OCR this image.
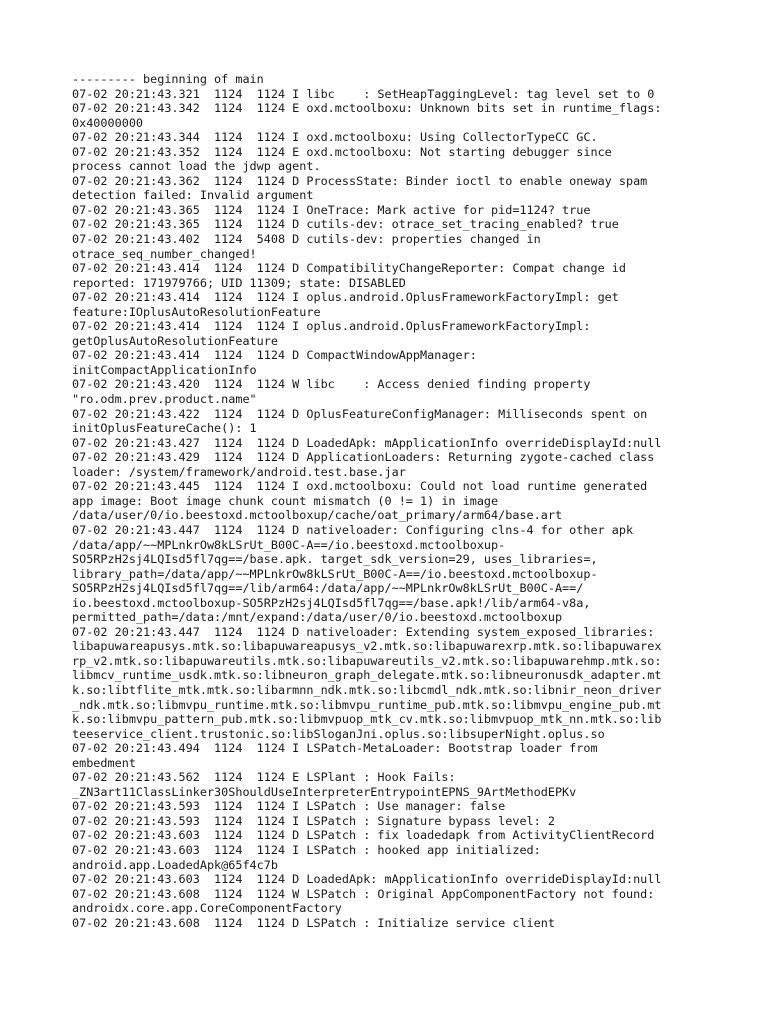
--------- beginning of main
07-02 20:21:43.321  1124  1124 I libc    : SetHeapTaggingLevel: tag level set to 0
07-02 20:21:43.342  1124  1124 E oxd.mctoolboxu: Unknown bits set in runtime_flags:
0x40000000
07-02 20:21:43.344  1124  1124 I oxd.mctoolboxu: Using CollectorTypeCC GC.
07-02 20:21:43.352  1124  1124 E oxd.mctoolboxu: Not starting debugger since
process cannot load the jdwp agent.
07-02 20:21:43.362  1124  1124 D ProcessState: Binder ioctl to enable oneway spam
detection failed: Invalid argument
07-02 20:21:43.365  1124  1124 I OneTrace: Mark active for pid=1124? true
07-02 20:21:43.365  1124  1124 D cutils-dev: otrace_set_tracing_enabled? true
07-02 20:21:43.402  1124  5408 D cutils-dev: properties changed in
otrace_seq_number_changed!
07-02 20:21:43.414  1124  1124 D CompatibilityChangeReporter: Compat change id
reported: 171979766; UID 11309; state: DISABLED
07-02 20:21:43.414  1124  1124 I oplus.android.OplusFrameworkFactoryImpl: get
feature:IOplusAutoResolutionFeature
07-02 20:21:43.414  1124  1124 I oplus.android.OplusFrameworkFactoryImpl:
getOplusAutoResolutionFeature
07-02 20:21:43.414  1124  1124 D CompactWindowAppManager:
initCompactApplicationInfo
07-02 20:21:43.420  1124  1124 W libc    : Access denied finding property
"ro.odm.prev.product.name"
07-02 20:21:43.422  1124  1124 D OplusFeatureConfigManager: Milliseconds spent on
initOplusFeatureCache(): 1
07-02 20:21:43.427  1124  1124 D LoadedApk: mApplicationInfo overrideDisplayId:null
07-02 20:21:43.429  1124  1124 D ApplicationLoaders: Returning zygote-cached class
loader: /system/framework/android.test.base.jar
07-02 20:21:43.445  1124  1124 I oxd.mctoolboxu: Could not load runtime generated
app image: Boot image chunk count mismatch (0 != 1) in image
/data/user/0/io.beestoxd.mctoolboxup/cache/oat_primary/arm64/base.art
07-02 20:21:43.447  1124  1124 D nativeloader: Configuring clns-4 for other apk
/data/app/~~MPLnkrOw8kLSrUt_B00C-A==/io.beestoxd.mctoolboxup-
SO5RPzH2sj4LQIsd5fl7qg==/base.apk. target_sdk_version=29, uses_libraries=,
library_path=/data/app/~~MPLnkrOw8kLSrUt_B00C-A==/io.beestoxd.mctoolboxup-
SO5RPzH2sj4LQIsd5fl7qg==/lib/arm64:/data/app/~~MPLnkrOw8kLSrUt_B00C-A==/
io.beestoxd.mctoolboxup-SO5RPzH2sj4LQIsd5fl7qg==/base.apk!/lib/arm64-v8a,
permitted_path=/data:/mnt/expand:/data/user/0/io.beestoxd.mctoolboxup
07-02 20:21:43.447  1124  1124 D nativeloader: Extending system_exposed_libraries:
libapuwareapusys.mtk.so:libapuwareapusys_v2.mtk.so:libapuwarexrp.mtk.so:libapuwarex
rp_v2.mtk.so:libapuwareutils.mtk.so:libapuwareutils_v2.mtk.so:libapuwarehmp.mtk.so:
libmcv_runtime_usdk.mtk.so:libneuron_graph_delegate.mtk.so:libneuronusdk_adapter.mt
k.so:libtflite_mtk.mtk.so:libarmnn_ndk.mtk.so:libcmdl_ndk.mtk.so:libnir_neon_driver
_ndk.mtk.so:libmvpu_runtime.mtk.so:libmvpu_runtime_pub.mtk.so:libmvpu_engine_pub.mt
k.so:libmvpu_pattern_pub.mtk.so:libmvpuop_mtk_cv.mtk.so:libmvpuop_mtk_nn.mtk.so:lib
teeservice_client.trustonic.so:libSloganJni.oplus.so:libsuperNight.oplus.so
07-02 20:21:43.494  1124  1124 I LSPatch-MetaLoader: Bootstrap loader from
embedment
07-02 20:21:43.562  1124  1124 E LSPlant : Hook Fails:
_ZN3art11ClassLinker30ShouldUseInterpreterEntrypointEPNS_9ArtMethodEPKv
07-02 20:21:43.593  1124  1124 I LSPatch : Use manager: false
07-02 20:21:43.593  1124  1124 I LSPatch : Signature bypass level: 2
07-02 20:21:43.603  1124  1124 D LSPatch : fix loadedapk from ActivityClientRecord
07-02 20:21:43.603  1124  1124 I LSPatch : hooked app initialized:
android.app.LoadedApk@65f4c7b
07-02 20:21:43.603  1124  1124 D LoadedApk: mApplicationInfo overrideDisplayId:null
07-02 20:21:43.608  1124  1124 W LSPatch : Original AppComponentFactory not found:
androidx.core.app.CoreComponentFactory
07-02 20:21:43.608  1124  1124 D LSPatch : Initialize service client
